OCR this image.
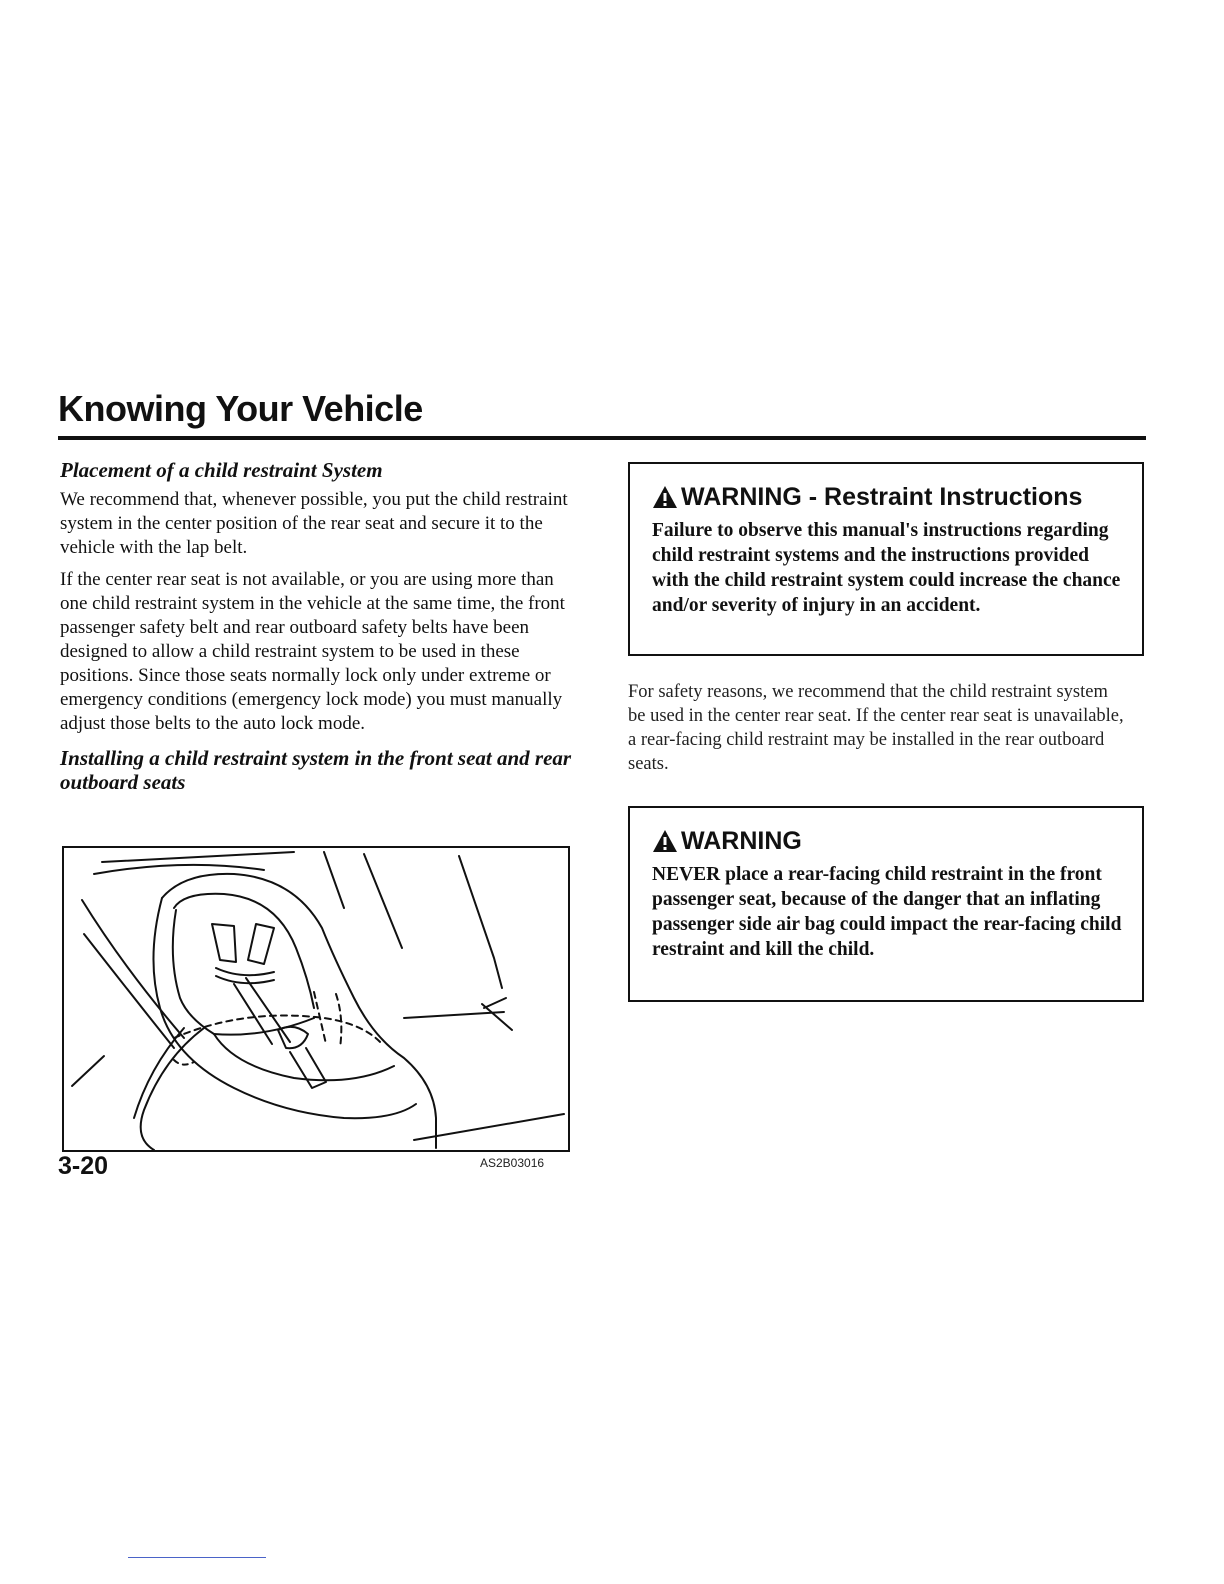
Knowing Your Vehicle
Placement of a child restraint System

We recommend that, whenever possible, you put the child restraint system in the center position of the rear seat and secure it to the vehicle with the lap belt.

If the center rear seat is not available, or you are using more than one child restraint system in the vehicle at the same time, the front passenger safety belt and rear outboard safety belts have been designed to allow a child restraint system to be used in these positions. Since those seats normally lock only under extreme or emergency conditions (emergency lock mode) you must manually adjust those belts to the auto lock mode.

Installing a child restraint system in the front seat and rear outboard seats
AS2B03016
3-20
WARNING - Restraint Instructions

Failure to observe this manual's instructions regarding child restraint systems and the instructions provided with the child restraint system could increase the chance and/or severity of injury in an accident.

For safety reasons, we recommend that the child restraint system be used in the center rear seat. If the center rear seat is unavailable, a rear-facing child restraint may be installed in the rear outboard seats.

WARNING

NEVER place a rear-facing child restraint in the front passenger seat, because of the danger that an inflating passenger side air bag could impact the rear-facing child restraint and kill the child.
